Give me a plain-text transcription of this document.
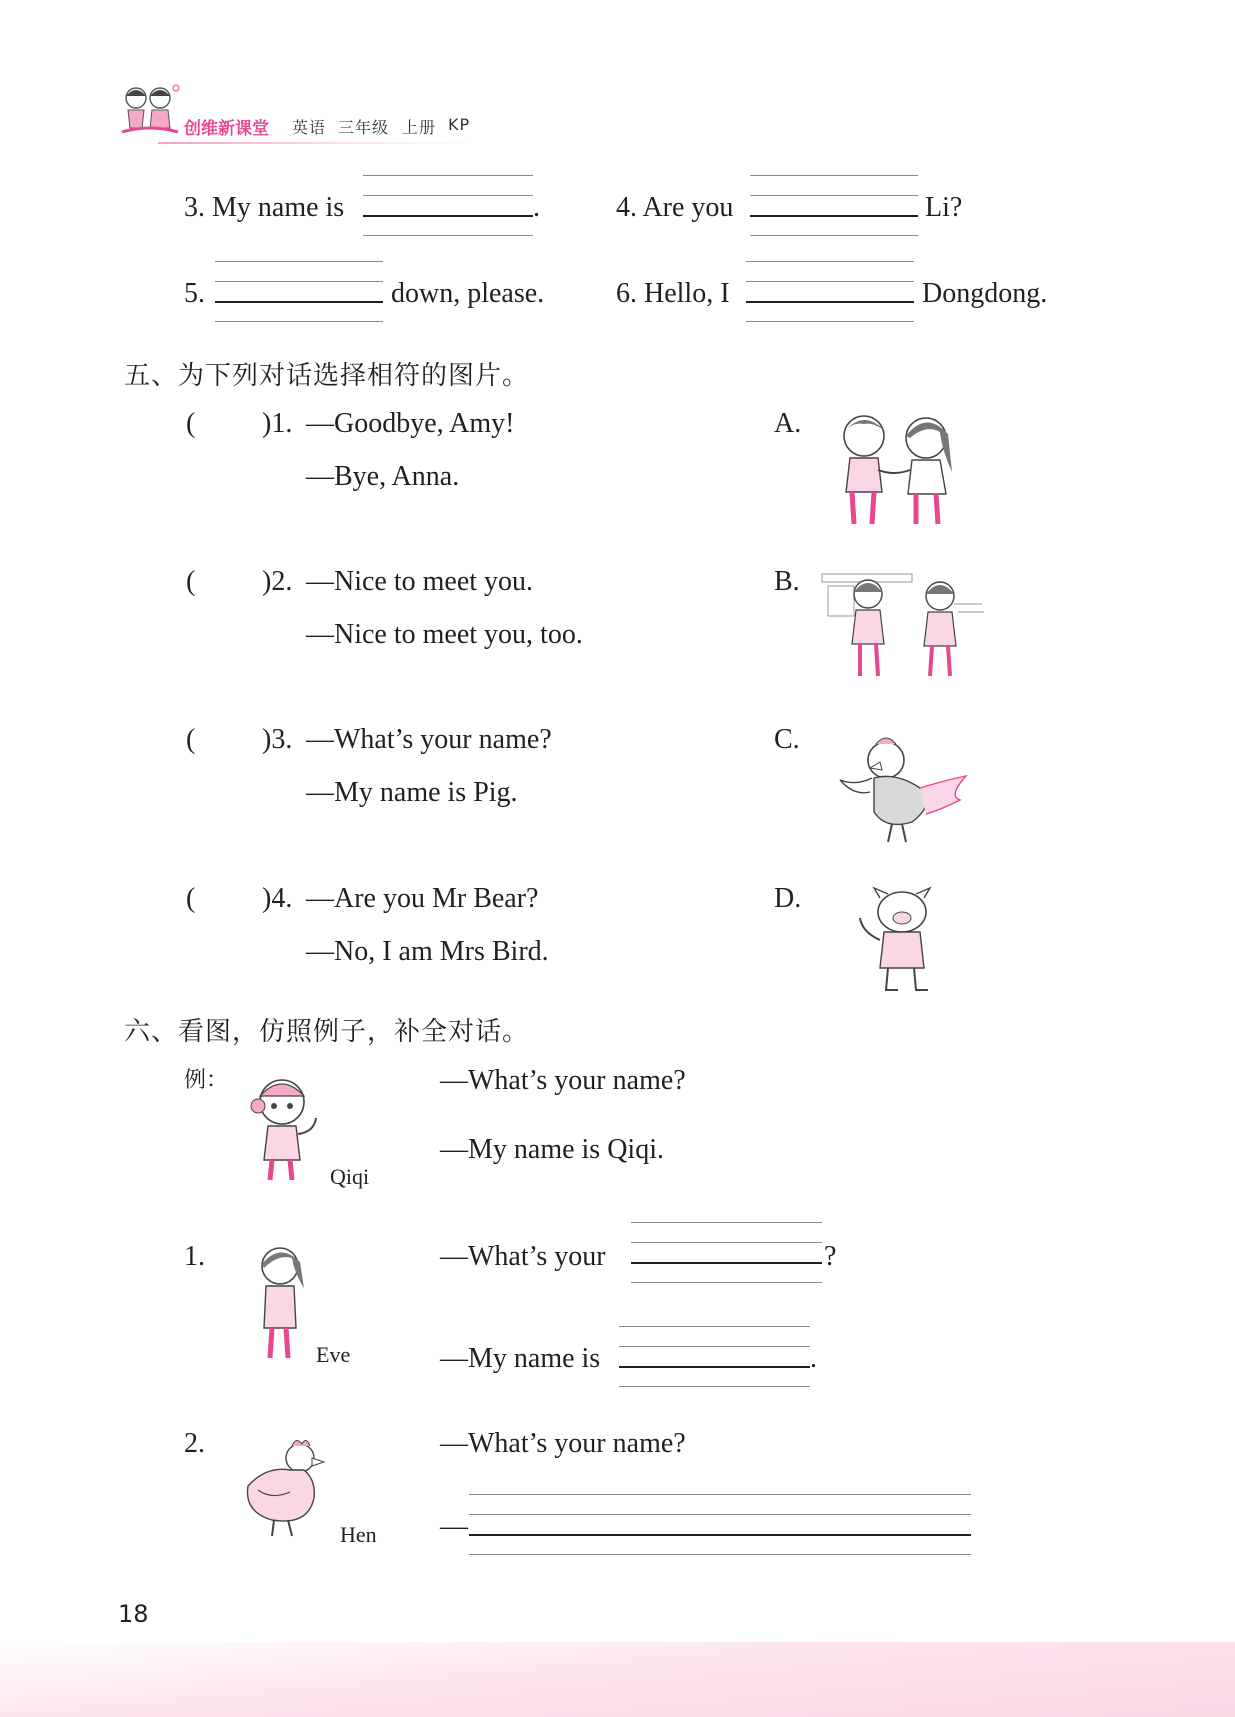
创维新课堂 英语 三年级 上册 KP
3. My name is	.	4. Are you	Li?
5.	down, please.	6. Hello, I	Dongdong.
五、为下列对话选择相符的图片。
( )1. —Goodbye, Amy!
—Bye, Anna.
( )2. —Nice to meet you.
—Nice to meet you, too.
( )3. —What’s your name?
—My name is Pig.
( )4. —Are you Mr Bear?
—No, I am Mrs Bird.
A.
B.
C.
D.
六、看图，仿照例子，补全对话。
例：
Qiqi
—What’s your name?
—My name is Qiqi.
1.
Eve
—What’s your	?
—My name is	.
2.
Hen
—What’s your name?
—
18
